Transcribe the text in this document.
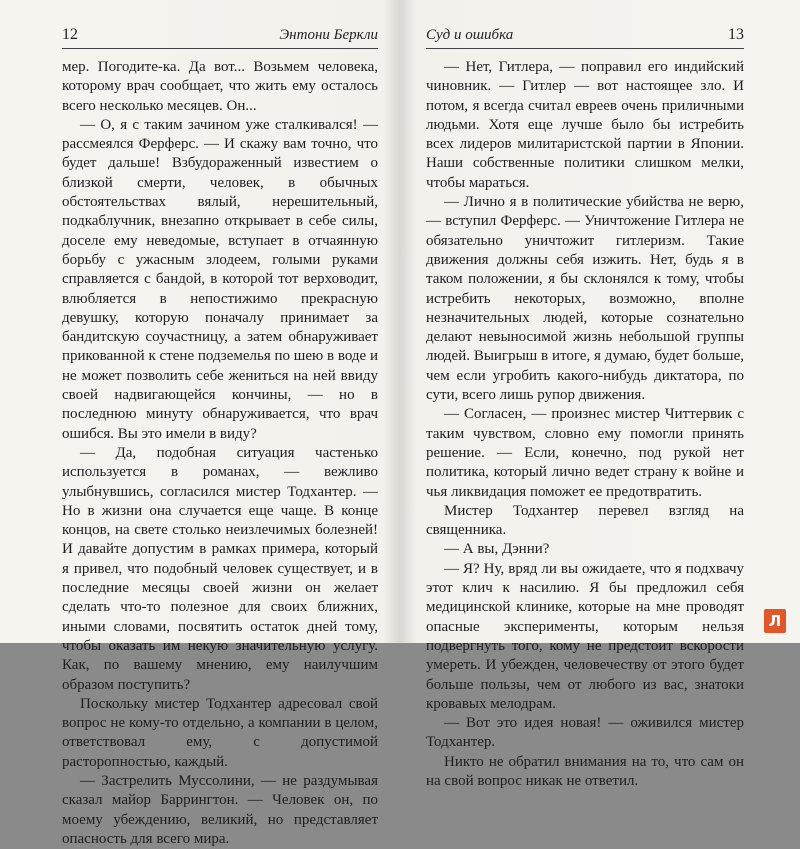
12	Энтони Беркли

мер. Погодите-ка. Да вот... Возьмем человека, которому врач сообщает, что жить ему осталось всего несколько месяцев. Он...

— О, я с таким зачином уже сталкивался! — рассмеялся Ферферс. — И скажу вам точно, что будет дальше! Взбудораженный известием о близкой смерти, человек, в обычных обстоятельствах вялый, нерешительный, подкаблучник, внезапно открывает в себе силы, доселе ему неведомые, вступает в отчаянную борьбу с ужасным злодеем, голыми руками справляется с бандой, в которой тот верховодит, влюбляется в непостижимо прекрасную девушку, которую поначалу принимает за бандитскую соучастницу, а затем обнаруживает прикованной к стене подземелья по шею в воде и не может позволить себе жениться на ней ввиду своей надвигающейся кончины, — но в последнюю минуту обнаруживается, что врач ошибся. Вы это имели в виду?

— Да, подобная ситуация частенько используется в романах, — вежливо улыбнувшись, согласился мистер Тодхантер. — Но в жизни она случается еще чаще. В конце концов, на свете столько неизлечимых болезней! И давайте допустим в рамках примера, который я привел, что подобный человек существует, и в последние месяцы своей жизни он желает сделать что-то полезное для своих ближних, иными словами, посвятить остаток дней тому, чтобы оказать им некую значительную услугу. Как, по вашему мнению, ему наилучшим образом поступить?

Поскольку мистер Тодхантер адресовал свой вопрос не кому-то отдельно, а компании в целом, ответствовал ему, с допустимой расторопностью, каждый.

— Застрелить Муссолини, — не раздумывая сказал майор Баррингтон. — Человек он, по моему убеждению, великий, но представляет опасность для всего мира.

Суд и ошибка	13

— Нет, Гитлера, — поправил его индийский чиновник. — Гитлер — вот настоящее зло. И потом, я всегда считал евреев очень приличными людьми. Хотя еще лучше было бы истребить всех лидеров милитаристской партии в Японии. Наши собственные политики слишком мелки, чтобы мараться.

— Лично я в политические убийства не верю, — вступил Ферферс. — Уничтожение Гитлера не обязательно уничтожит гитлеризм. Такие движения должны себя изжить. Нет, будь я в таком положении, я бы склонялся к тому, чтобы истребить некоторых, возможно, вполне незначительных людей, которые сознательно делают невыносимой жизнь небольшой группы людей. Выигрыш в итоге, я думаю, будет больше, чем если угробить какого-нибудь диктатора, по сути, всего лишь рупор движения.

— Согласен, — произнес мистер Читтервик с таким чувством, словно ему помогли принять решение. — Если, конечно, под рукой нет политика, который лично ведет страну к войне и чья ликвидация поможет ее предотвратить.

Мистер Тодхантер перевел взгляд на священника.

— А вы, Дэнни?

— Я? Ну, вряд ли вы ожидаете, что я подхвачу этот клич к насилию. Я бы предложил себя медицинской клинике, которые на мне проводят опасные эксперименты, которым нельзя подвергнуть того, кому не предстоит вскорости умереть. И убежден, человечеству от этого будет больше пользы, чем от любого из вас, знатоки кровавых мелодрам.

— Вот это идея новая! — оживился мистер Тодхантер.

Никто не обратил внимания на то, что сам он на свой вопрос никак не ответил.

Л
